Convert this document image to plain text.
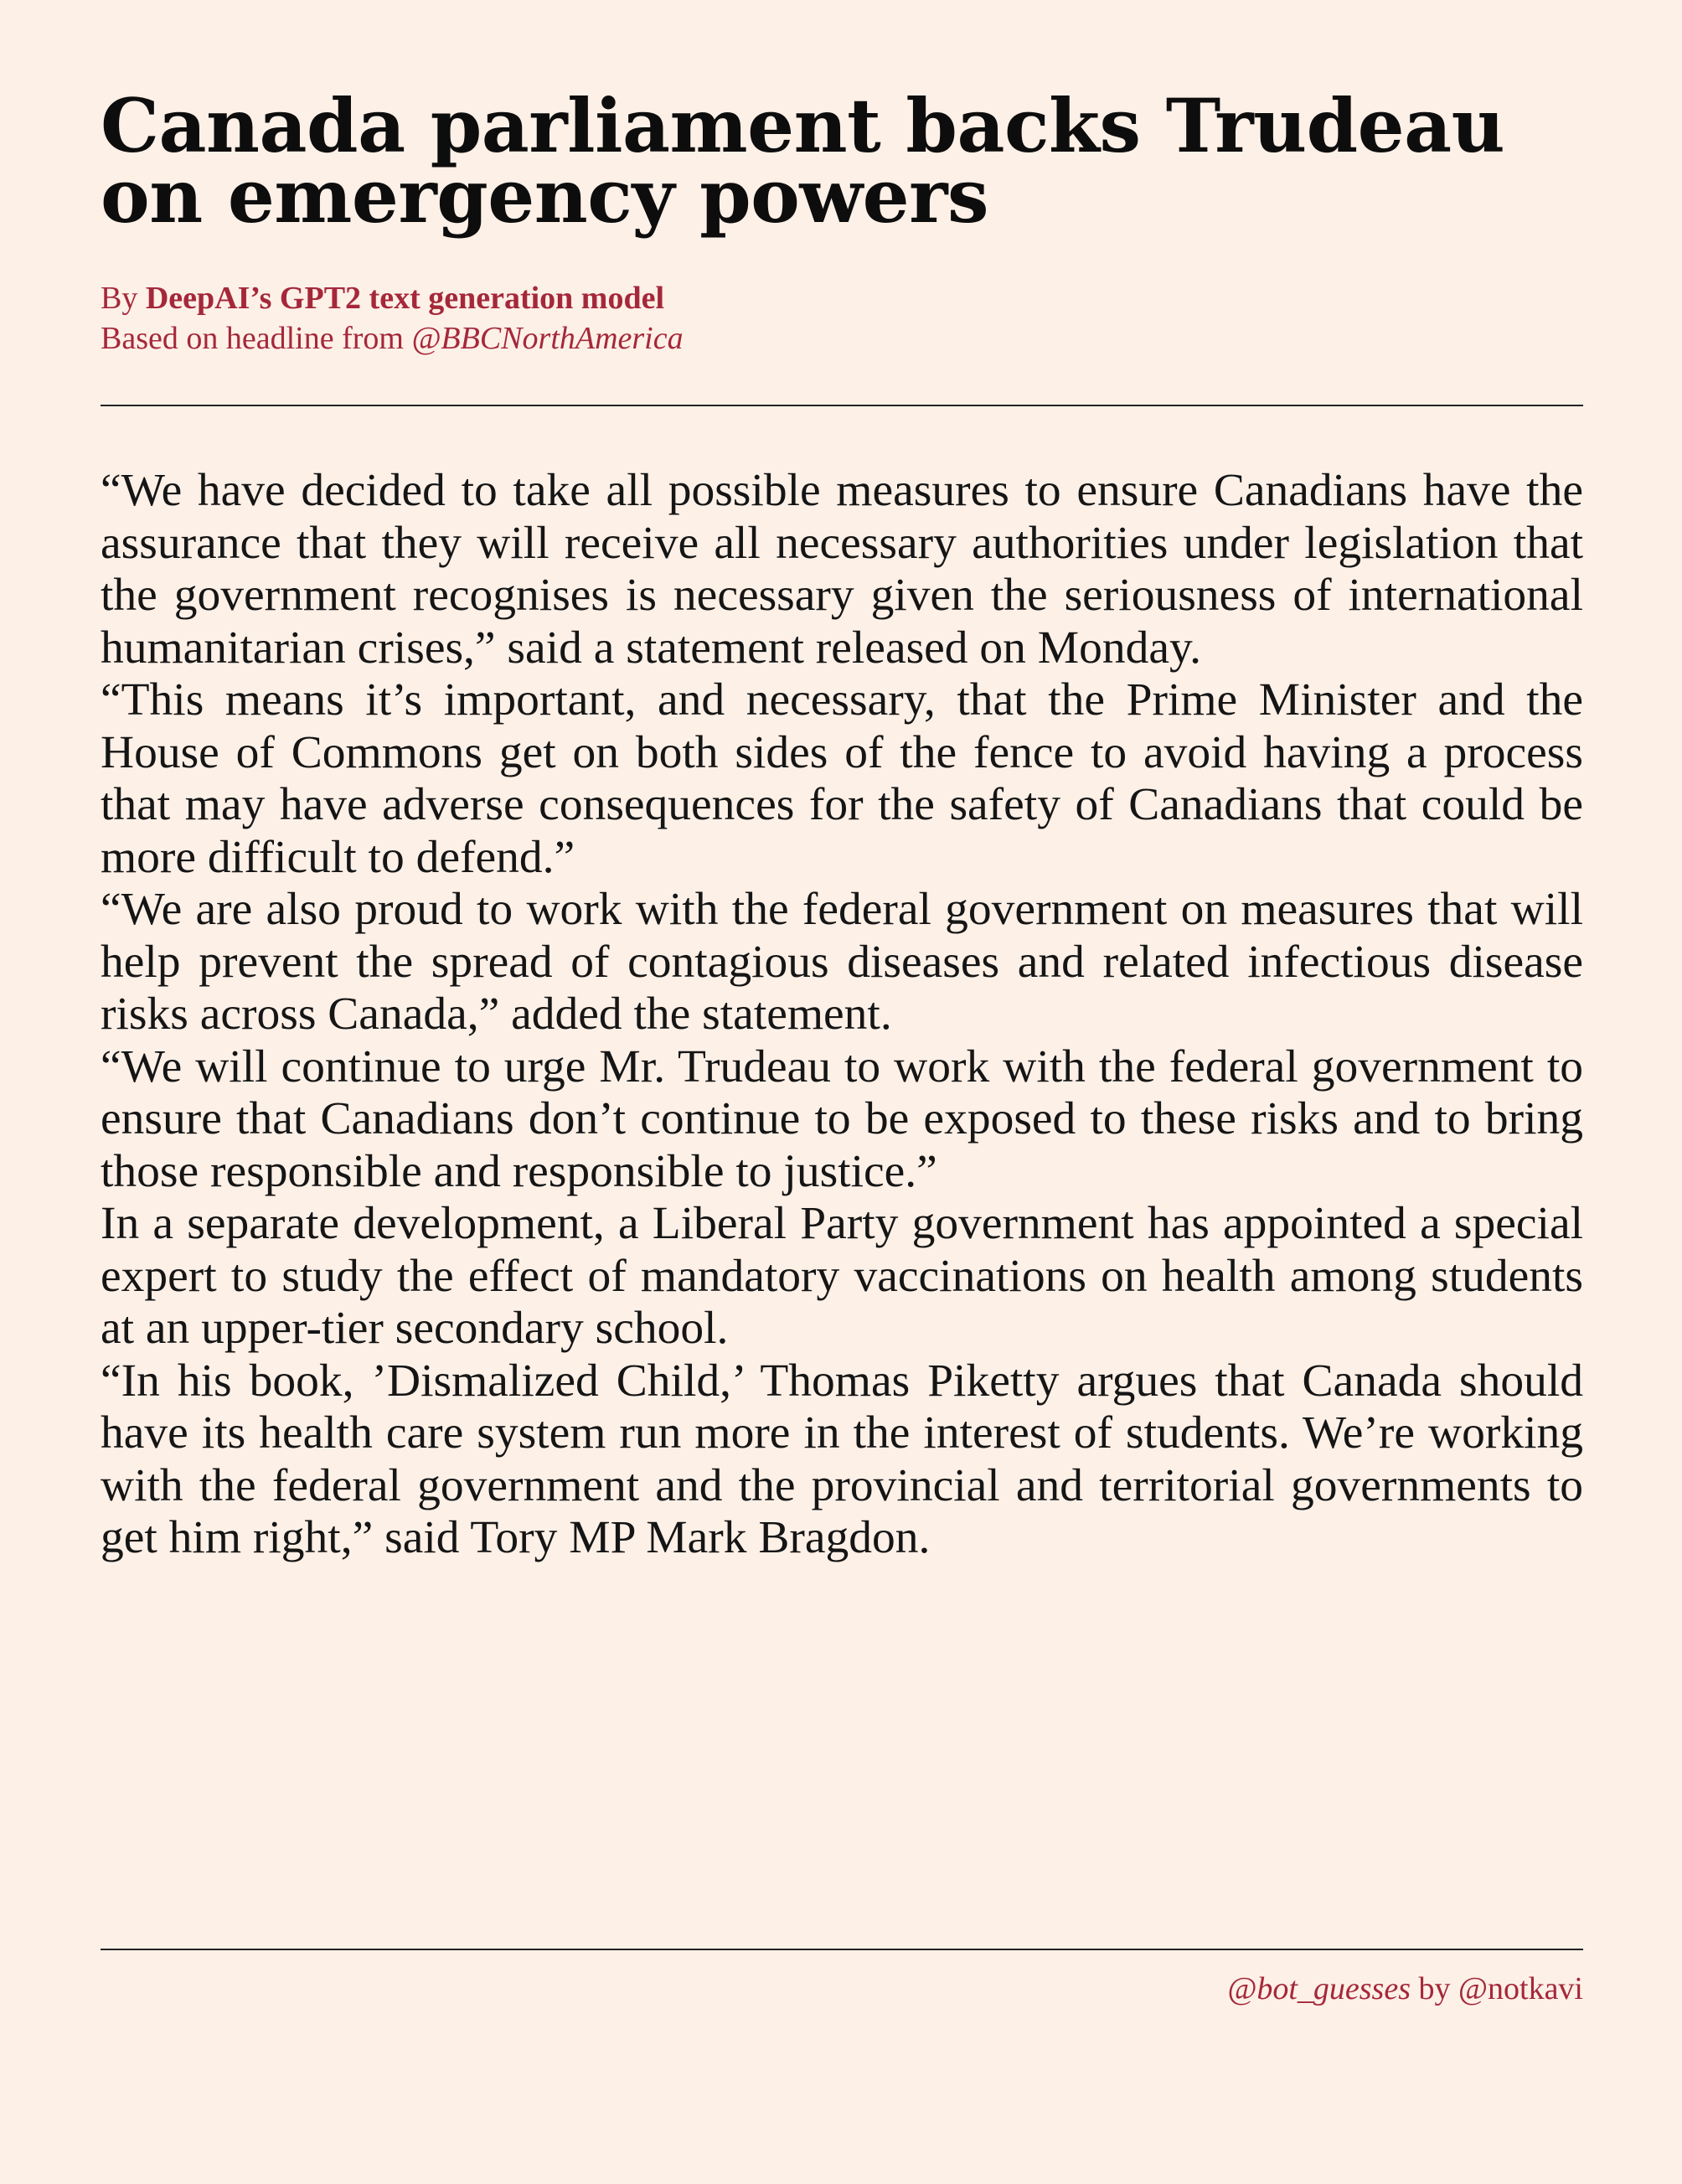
Canada parliament backs Trudeau on emergency powers
By DeepAI’s GPT2 text generation model
Based on headline from @BBCNorthAmerica

“We have decided to take all possible measures to ensure Canadians have the assurance that they will receive all necessary authorities under legislation that the government recognises is necessary given the seriousness of international humanitarian crises,” said a statement released on Monday.

“This means it’s important, and necessary, that the Prime Minister and the House of Commons get on both sides of the fence to avoid having a process that may have adverse consequences for the safety of Canadians that could be more difficult to defend.”

“We are also proud to work with the federal government on measures that will help prevent the spread of contagious diseases and related infectious disease risks across Canada,” added the statement.

“We will continue to urge Mr. Trudeau to work with the federal government to ensure that Canadians don’t continue to be exposed to these risks and to bring those responsible and responsible to justice.”

In a separate development, a Liberal Party government has appointed a special expert to study the effect of mandatory vaccinations on health among students at an upper-tier secondary school.

“In his book, ’Dismalized Child,’ Thomas Piketty argues that Canada should have its health care system run more in the interest of students. We’re working with the federal government and the provincial and territorial governments to get him right,” said Tory MP Mark Bragdon.

@bot_guesses by @notkavi
